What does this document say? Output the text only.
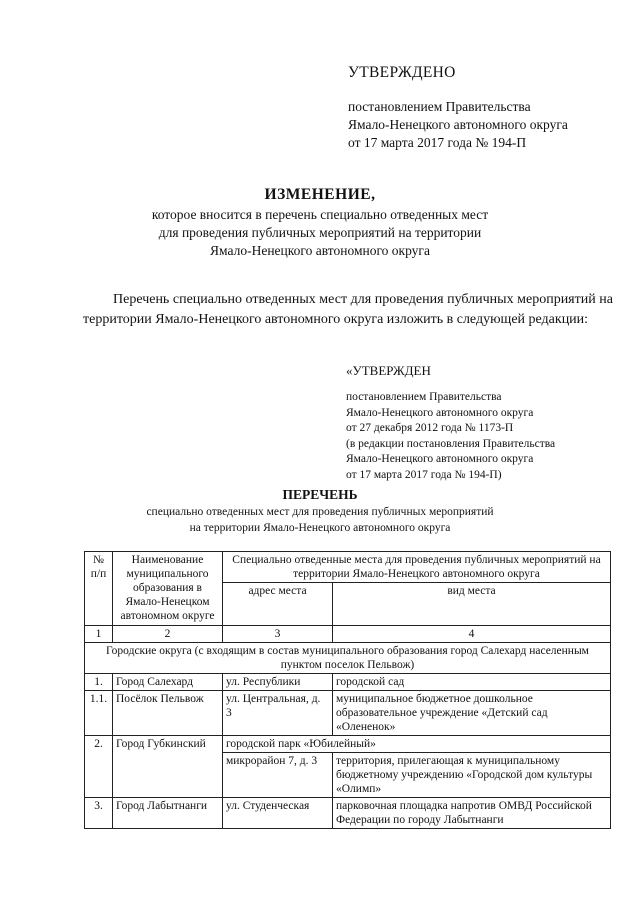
УТВЕРЖДЕНО
постановлением Правительства
Ямало-Ненецкого автономного округа
от 17 марта 2017 года № 194-П
ИЗМЕНЕНИЕ,
которое вносится в перечень специально отведенных мест
для проведения публичных мероприятий на территории
Ямало-Ненецкого автономного округа
Перечень специально отведенных мест для проведения публичных мероприятий на территории Ямало-Ненецкого автономного округа изложить в следующей редакции:
«УТВЕРЖДЕН
постановлением Правительства
Ямало-Ненецкого автономного округа
от 27 декабря 2012 года № 1173-П
(в редакции постановления Правительства
Ямало-Ненецкого автономного округа
от 17 марта 2017 года № 194-П)
ПЕРЕЧЕНЬ
специально отведенных мест для проведения публичных мероприятий
на территории Ямало-Ненецкого автономного округа
№ п/п	Наименование муниципального образования в Ямало-Ненецком автономном округе	Специально отведенные места для проведения публичных мероприятий на территории Ямало-Ненецкого автономного округа	
		адрес места	вид места
1	2	3	4
Городские округа (с входящим в состав муниципального образования город Салехард населенным пунктом поселок Пельвож)			
1.	Город Салехард	ул. Республики	городской сад
1.1.	Посёлок Пельвож	ул. Центральная, д. 3	муниципальное бюджетное дошкольное образовательное учреждение «Детский сад «Олененок»
2.	Город Губкинский	городской парк «Юбилейный»	
		микрорайон 7, д. 3	территория, прилегающая к муниципальному бюджетному учреждению «Городской дом культуры «Олимп»
3.	Город Лабытнанги	ул. Студенческая	парковочная площадка напротив ОМВД Российской Федерации по городу Лабытнанги
